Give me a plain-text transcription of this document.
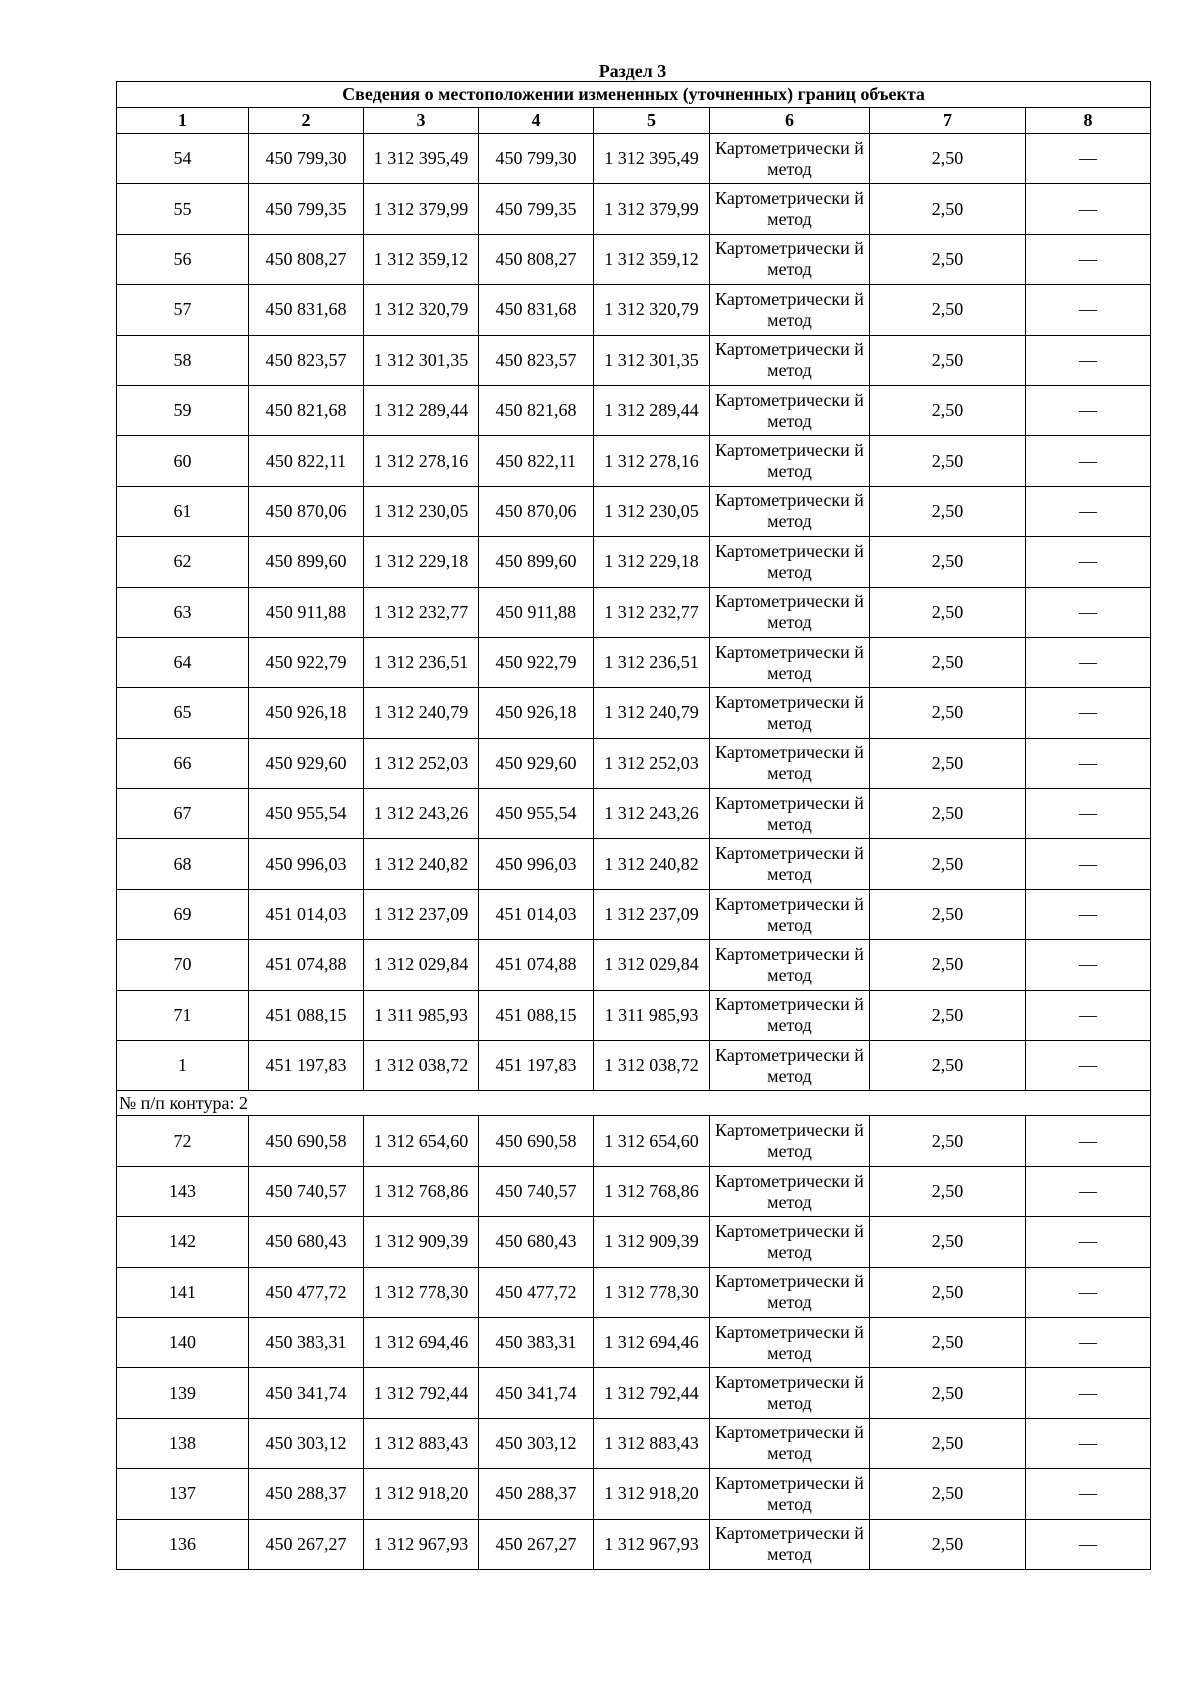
Раздел 3
Сведения о местоположении измененных (уточненных) границ объекта							
1	2	3	4	5	6	7	8
54	450 799,30	1 312 395,49	450 799,30	1 312 395,49	Картометрически й метод	2,50	—
55	450 799,35	1 312 379,99	450 799,35	1 312 379,99	Картометрически й метод	2,50	—
56	450 808,27	1 312 359,12	450 808,27	1 312 359,12	Картометрически й метод	2,50	—
57	450 831,68	1 312 320,79	450 831,68	1 312 320,79	Картометрически й метод	2,50	—
58	450 823,57	1 312 301,35	450 823,57	1 312 301,35	Картометрически й метод	2,50	—
59	450 821,68	1 312 289,44	450 821,68	1 312 289,44	Картометрически й метод	2,50	—
60	450 822,11	1 312 278,16	450 822,11	1 312 278,16	Картометрически й метод	2,50	—
61	450 870,06	1 312 230,05	450 870,06	1 312 230,05	Картометрически й метод	2,50	—
62	450 899,60	1 312 229,18	450 899,60	1 312 229,18	Картометрически й метод	2,50	—
63	450 911,88	1 312 232,77	450 911,88	1 312 232,77	Картометрически й метод	2,50	—
64	450 922,79	1 312 236,51	450 922,79	1 312 236,51	Картометрически й метод	2,50	—
65	450 926,18	1 312 240,79	450 926,18	1 312 240,79	Картометрически й метод	2,50	—
66	450 929,60	1 312 252,03	450 929,60	1 312 252,03	Картометрически й метод	2,50	—
67	450 955,54	1 312 243,26	450 955,54	1 312 243,26	Картометрически й метод	2,50	—
68	450 996,03	1 312 240,82	450 996,03	1 312 240,82	Картометрически й метод	2,50	—
69	451 014,03	1 312 237,09	451 014,03	1 312 237,09	Картометрически й метод	2,50	—
70	451 074,88	1 312 029,84	451 074,88	1 312 029,84	Картометрически й метод	2,50	—
71	451 088,15	1 311 985,93	451 088,15	1 311 985,93	Картометрически й метод	2,50	—
1	451 197,83	1 312 038,72	451 197,83	1 312 038,72	Картометрически й метод	2,50	—
№ п/п контура: 2							
72	450 690,58	1 312 654,60	450 690,58	1 312 654,60	Картометрически й метод	2,50	—
143	450 740,57	1 312 768,86	450 740,57	1 312 768,86	Картометрически й метод	2,50	—
142	450 680,43	1 312 909,39	450 680,43	1 312 909,39	Картометрически й метод	2,50	—
141	450 477,72	1 312 778,30	450 477,72	1 312 778,30	Картометрически й метод	2,50	—
140	450 383,31	1 312 694,46	450 383,31	1 312 694,46	Картометрически й метод	2,50	—
139	450 341,74	1 312 792,44	450 341,74	1 312 792,44	Картометрически й метод	2,50	—
138	450 303,12	1 312 883,43	450 303,12	1 312 883,43	Картометрически й метод	2,50	—
137	450 288,37	1 312 918,20	450 288,37	1 312 918,20	Картометрически й метод	2,50	—
136	450 267,27	1 312 967,93	450 267,27	1 312 967,93	Картометрически й метод	2,50	—
